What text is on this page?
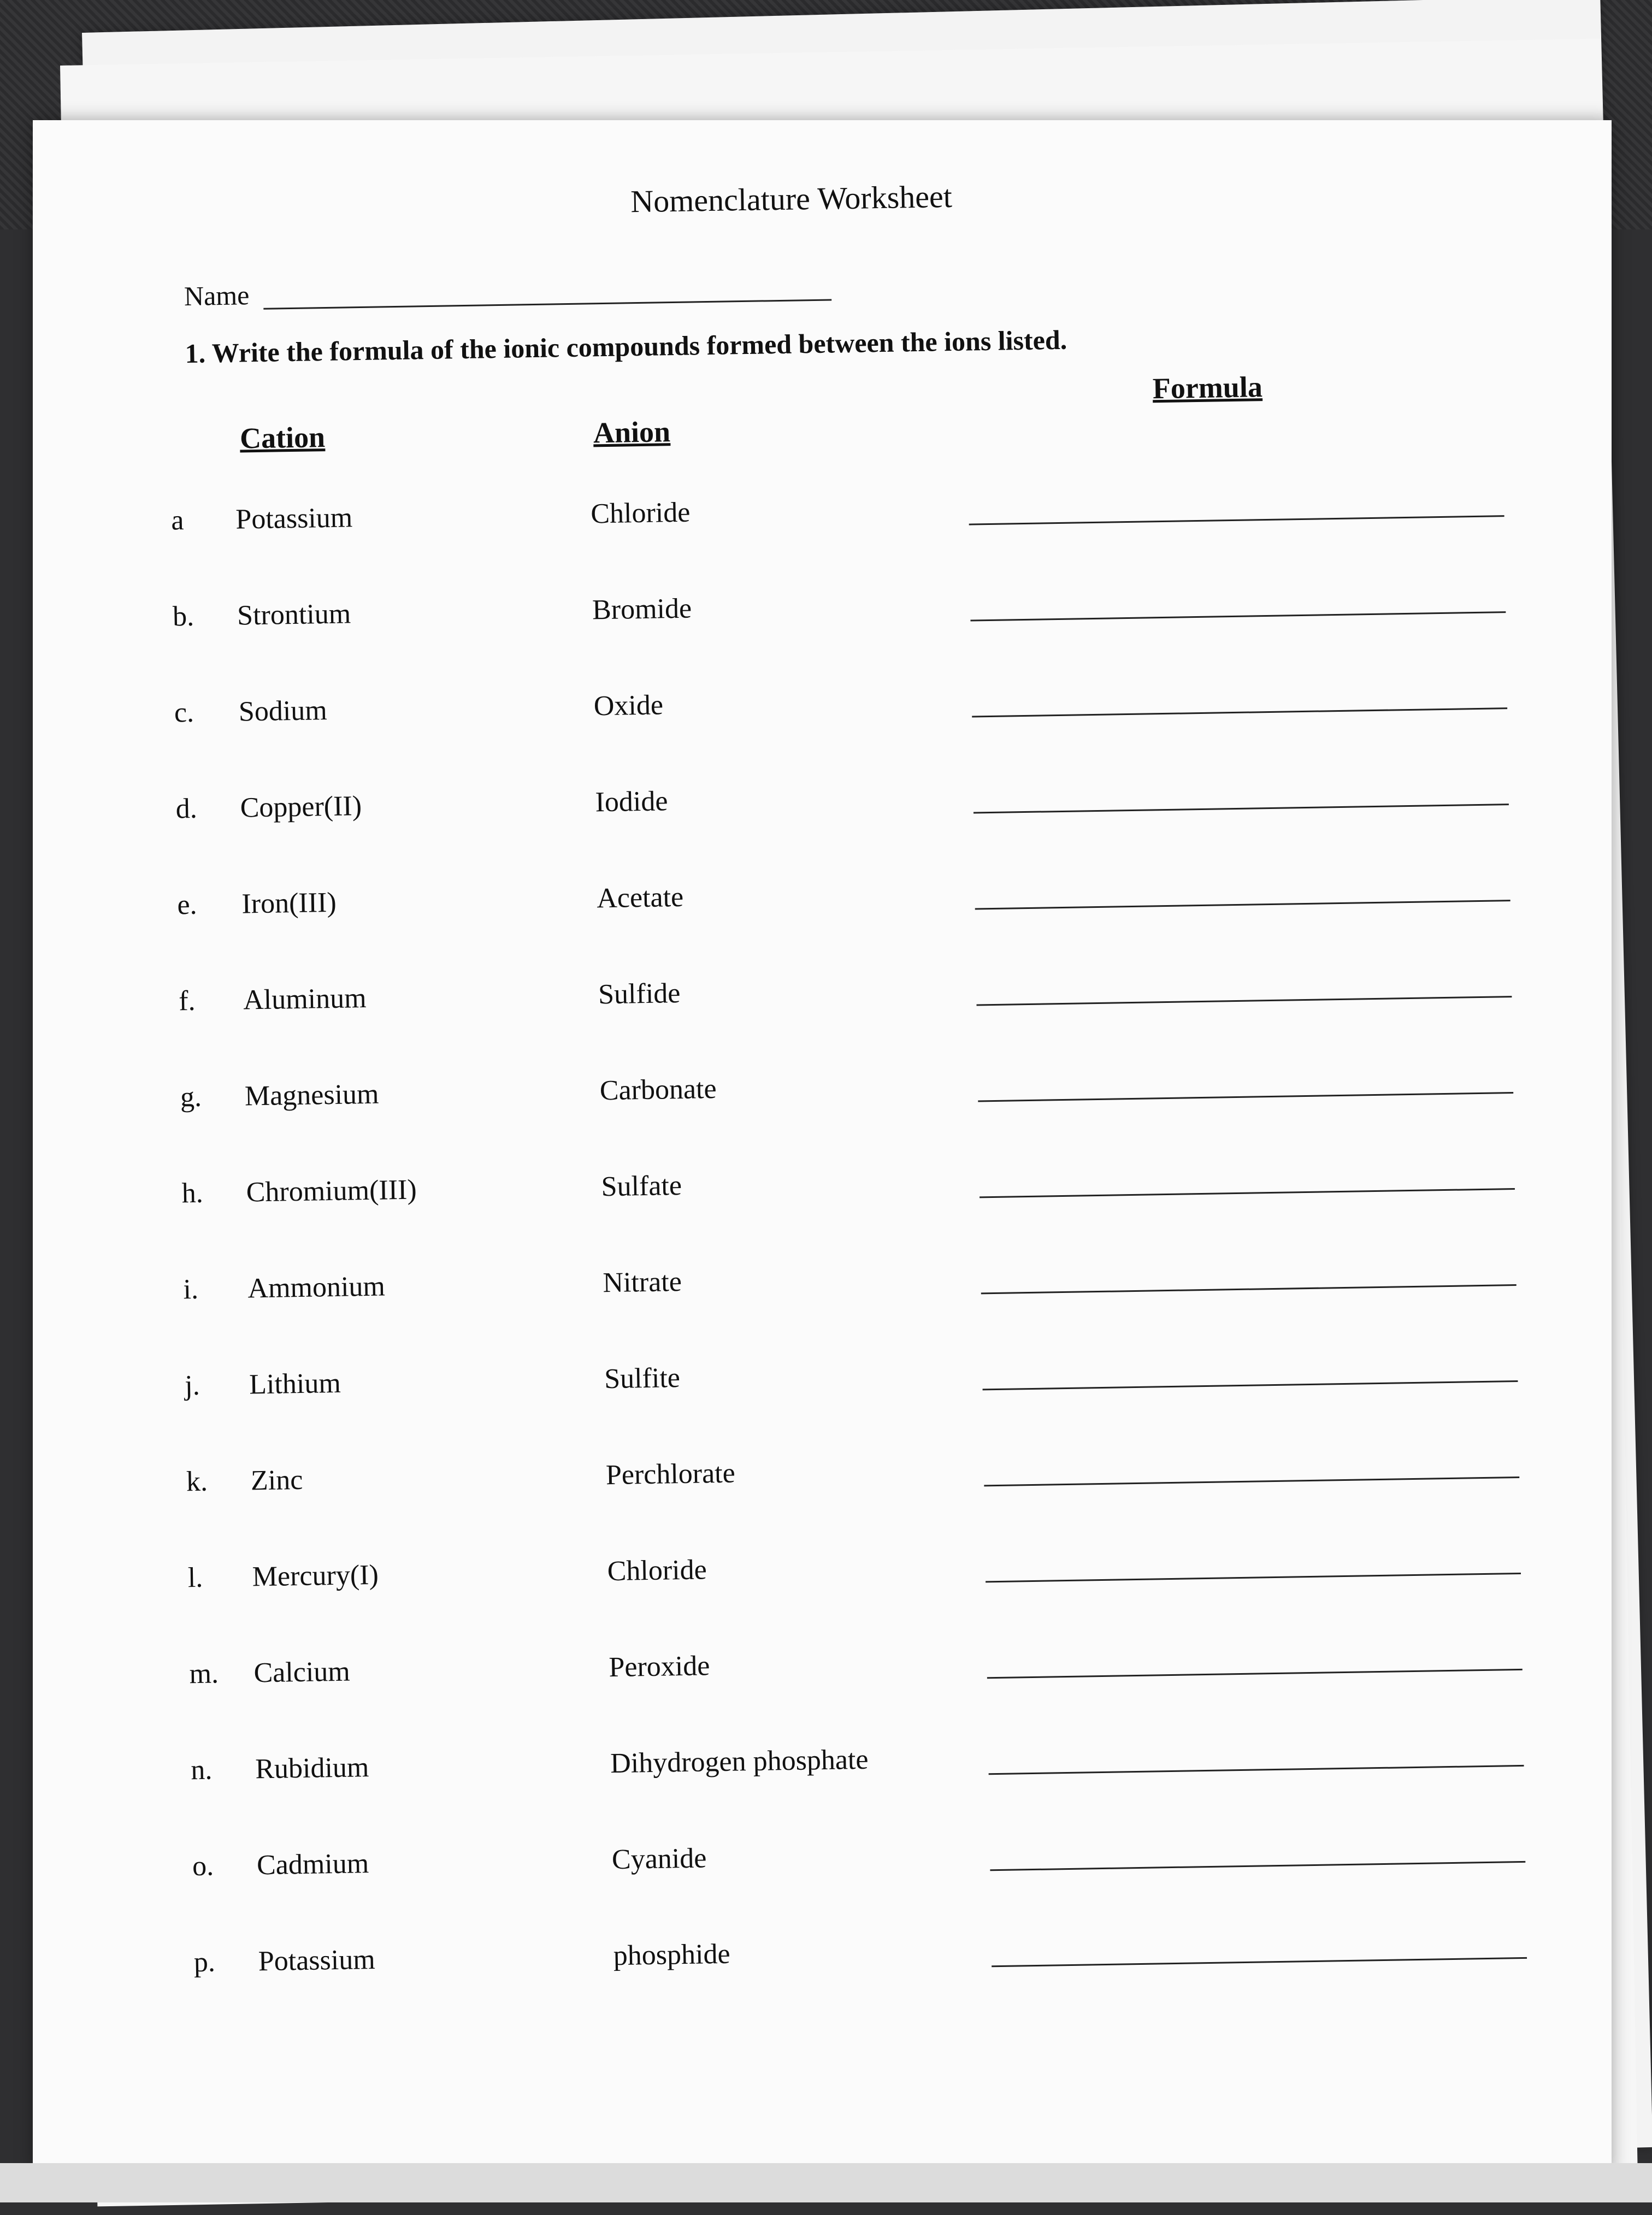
Nomenclature Worksheet
Name
1. Write the formula of the ionic compounds formed between the ions listed.
Cation	Anion
Formula
a Potassium	Chloride
b. Strontium	Bromide
c. Sodium	Oxide
d. Copper(II)	Iodide
e. Iron(III)	Acetate
f. Aluminum	Sulfide
g. Magnesium	Carbonate
h. Chromium(III)	Sulfate
i. Ammonium	Nitrate
j. Lithium	Sulfite
k. Zinc	Perchlorate
l. Mercury(I)	Chloride
m. Calcium	Peroxide
n. Rubidium	Dihydrogen phosphate
o. Cadmium	Cyanide
p. Potassium	phosphide
